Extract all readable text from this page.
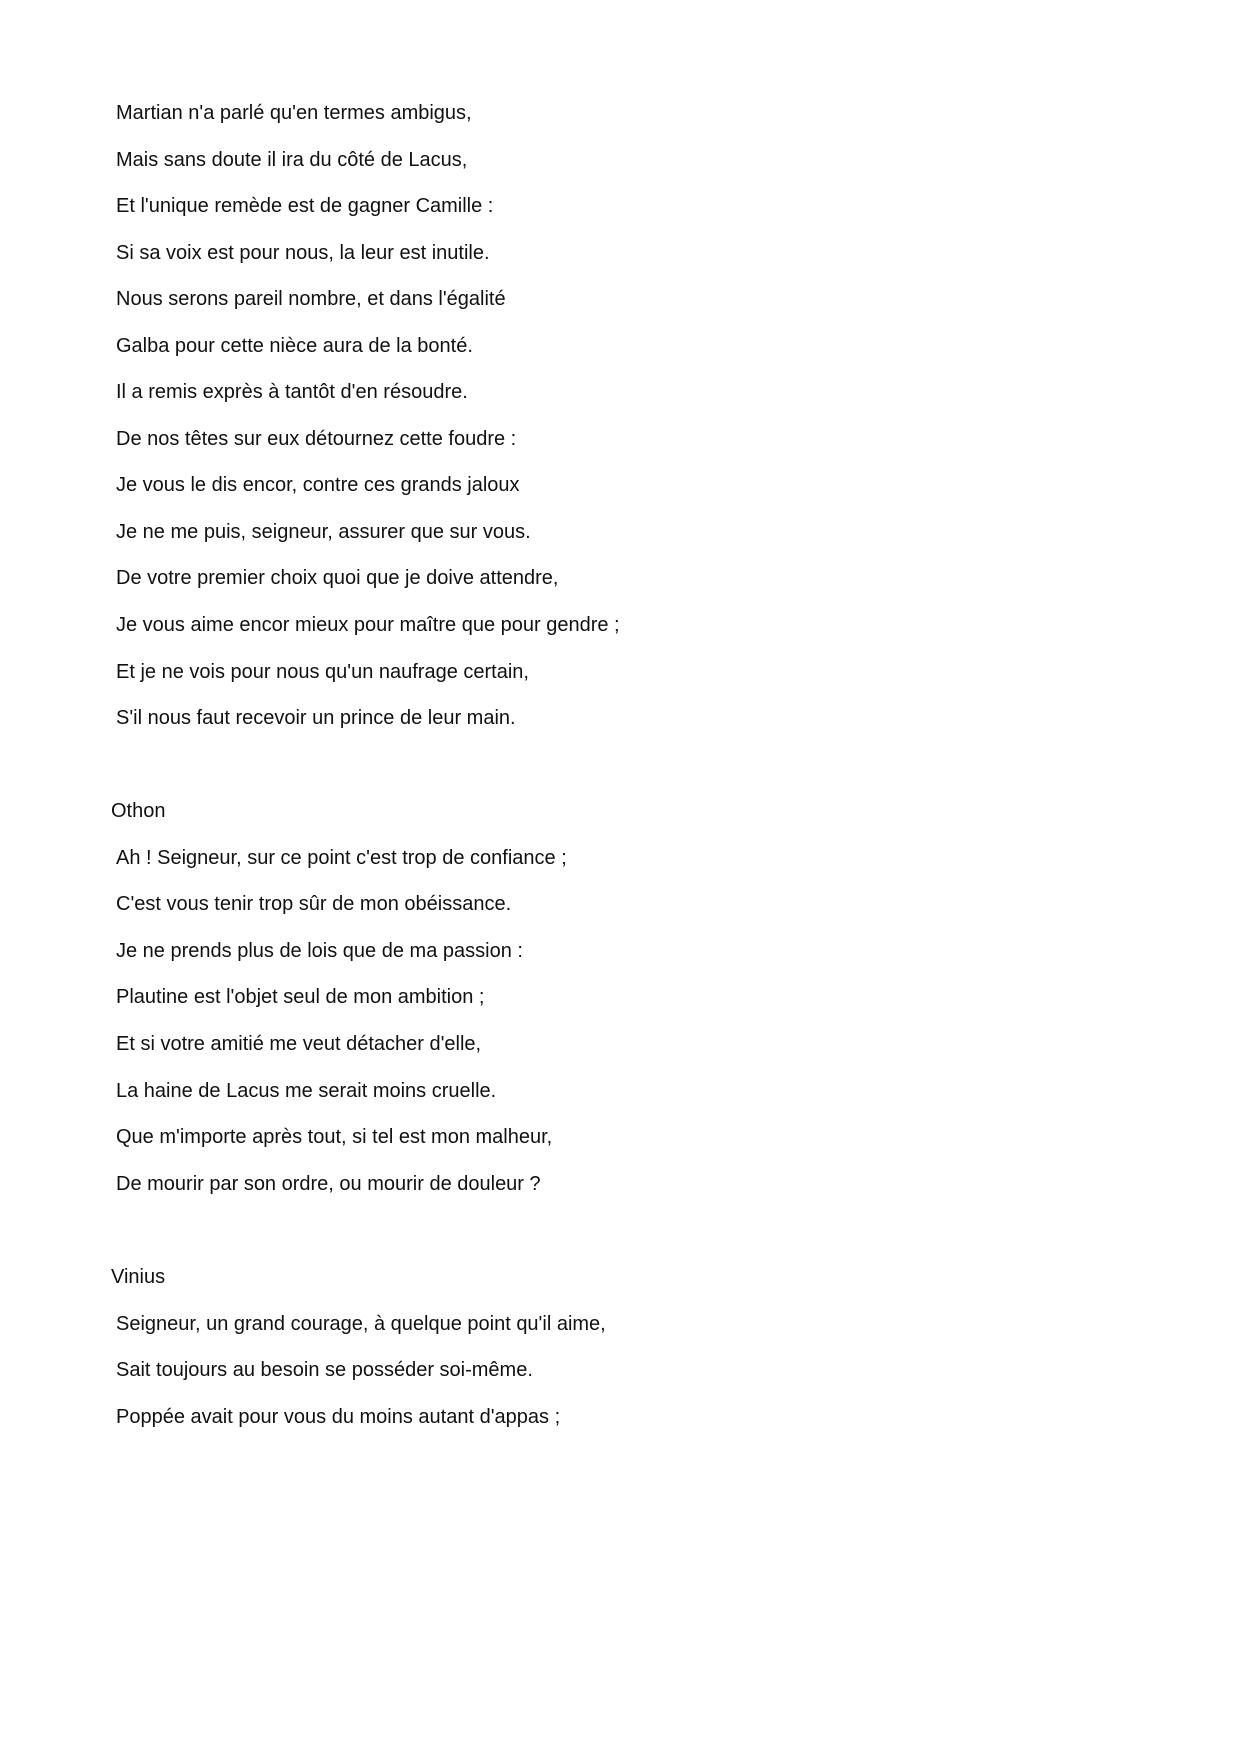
Martian n'a parlé qu'en termes ambigus,

Mais sans doute il ira du côté de Lacus,

Et l'unique remède est de gagner Camille :

Si sa voix est pour nous, la leur est inutile.

Nous serons pareil nombre, et dans l'égalité

Galba pour cette nièce aura de la bonté.

Il a remis exprès à tantôt d'en résoudre.

De nos têtes sur eux détournez cette foudre :

Je vous le dis encor, contre ces grands jaloux

Je ne me puis, seigneur, assurer que sur vous.

De votre premier choix quoi que je doive attendre,

Je vous aime encor mieux pour maître que pour gendre ;

Et je ne vois pour nous qu'un naufrage certain,

S'il nous faut recevoir un prince de leur main.

Othon

Ah ! Seigneur, sur ce point c'est trop de confiance ;

C'est vous tenir trop sûr de mon obéissance.

Je ne prends plus de lois que de ma passion :

Plautine est l'objet seul de mon ambition ;

Et si votre amitié me veut détacher d'elle,

La haine de Lacus me serait moins cruelle.

Que m'importe après tout, si tel est mon malheur,

De mourir par son ordre, ou mourir de douleur ?

Vinius

Seigneur, un grand courage, à quelque point qu'il aime,

Sait toujours au besoin se posséder soi-même.

Poppée avait pour vous du moins autant d'appas ;
